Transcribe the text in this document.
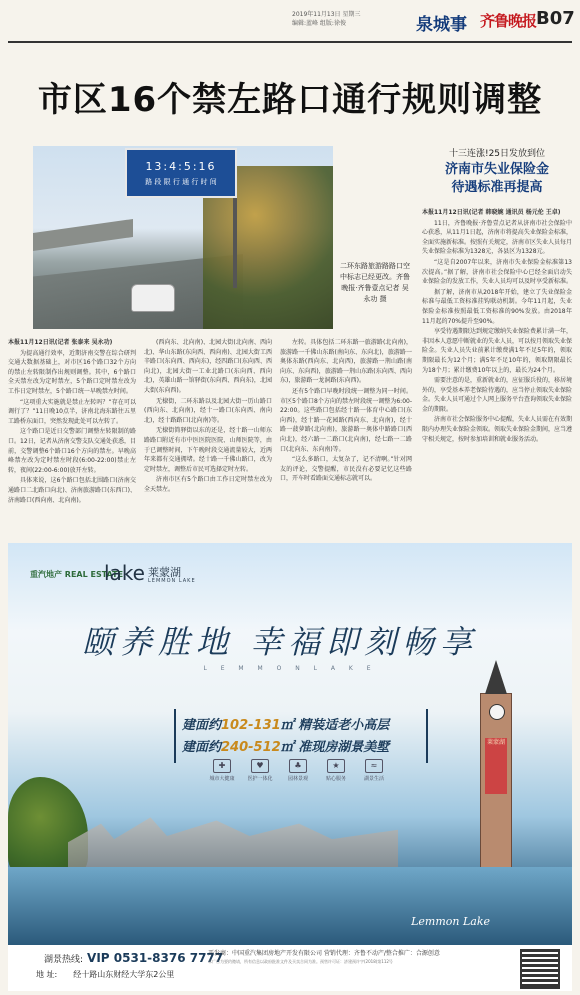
2019年11月13日 星期三
编辑:蓝峰 组版:徐俊	泉城事 齐鲁晚报 B07
市区16个禁左路口通行规则调整
13:4:5:16
路 段 限 行 通 行 时 间
二环东路旅游路路口空中标志已经更改。齐鲁晚报·齐鲁壹点记者 吴永功 摄
十三连涨!25日发放到位
济南市失业保险金
待遇标准再提高

本报11月12日讯(记者 张泰来 吴永功)

为提高通行效率，近期济南交警在综合研判交通大数据基础上，对市区16个路口32个方向的禁止左转限制作出规则调整。其中，6个路口全天禁左改为定时禁左，5个路口定时禁左改为工作日定时禁左，5个路口统一早晚禁左时间。

“这项重大实施就是禁止左转吗？”存在可以调行了？”11日晚10点半，济南北海东路往五里工路桥东面口，突然发现此处可以左转了。

这个路口是近日交警部门调整左转限制的路口。12日，记者从济南交警支队交通处获悉，目前，交警调整6个路口16个方向的禁左。早晚高峰禁左改为定时禁左时段(6:00-22:00)禁止左转，夜间(22:00-6:00)放开左转。

具体来说，这6个路口包括北围路口(济南交通路口二北路口向北)、济南旅游路口(东西口)、济南路口(西向南、北向南)。

(西向东、北向南)、北园大街(北向南、西向北)、华山东路(东向西、西向南)、北园大街工西辛路口(东向西、西向东)，经四路口(东向西、西向北)，北园大街一工业北路口(东向西、西向北)，英雄山路一馆驿街(东向西、西向东)，北园大街(东向西)。

无棣街，二环东路以及北园大街一历山路口(西向东、北向南)，经十一路口(东向西、南向北)，经十路路口(北向南)等。

无棣街简驿街以东的还是，经十路一山师东路路口附近有市中医医院医院、山师医院等，由于已调整时间，下午晚时段交通流量较大，近两年来都有交通拥堵。经十路一千佛山路口，改为定时禁左，调整后市民可选择定时左转。

济南市区有5个路口由工作日定时禁左改为全天禁左。

左转。具体包括二环东路一旅游路(北向南)，旅游路一千佛山东路(南向东、东向北)，旅游路一奥体东路(西向东、北向西)，旅游路一荆山路(南向东、东向西)，旅游路一荆山东路(东向西、西向东)，旅游路一龙洞路(东向西)。

还有5个路口早晚时段统一调整为同一时间。市区5个路口8个方向的禁左时段统一调整为6:00-22:00。这些路口包括经十路一体育中心路口(东向西)，经十路一花园路(西向东、北向南)，经十路一菠萝路(北向南)，旅游路一奥体中路路口(西向北)，经六路一二路口(北向南)，经七路一二路口(北向东、东向南)等。

“这么多路口，太复杂了，记不清啊。”针对网友的评论，交警提醒，市民没有必要记忆这些路口，开车时看路面交通标志就可以。

本报11月12日讯(记者 韩晓婉 通讯员 杨元伦 王卓)

11日，齐鲁晚报·齐鲁壹点记者从济南市社会保险中心获悉，从11月1日起，济南市将提高失业保险金标准，全面实施新标准。按照有关规定，济南市区失业人员每月失业保险金标准为1328元，各县区为1328元。

“这是自2007年以来，济南市失业保险金标准第13次提高。”据了解，济南市社会保险中心已经全面启动失业保险金的发放工作，失业人员均可以及时享受新标准。

据了解，济南市从2018年开始，建立了失业保险金标准与最低工资标准挂钩联动机制。今年11月起，失业保险金标准按照最低工资标准的90%发放。由2018年11月起的70%提升至90%。

享受待遇期限达到规定缴纳失业保险费累计满一年，非因本人意愿中断就业的失业人员，可以按月领取失业保险金。失业人员失业前累计缴费满1年不足5年的，领取期限最长为12个月；满5年不足10年的，领取期限最长为18个月；累计缴费10年以上的，最长为24个月。

需要注意的是，重新就业的，应征服兵役的，移居境外的，享受基本养老保险待遇的，应当停止领取失业保险金。失业人员可通过个人网上服务平台查询领取失业保险金的期限。

济南市社会保险服务中心提醒，失业人员需在有效期限内办理失业保险金领取。领取失业保险金期间，应当遵守相关规定，按时参加培训和就业服务活动。

重汽地产 REAL ESTATE
lake 莱蒙湖
LEMMON LAKE
颐养胜地 幸福即刻畅享
L E M M O N L A K E
建面约102-131㎡ 精装适老小高层
建面约240-512㎡ 准现房湖景美墅
✚
城市大健康
♥
医护一体化
♣
园林景观
★
贴心服务
≈
湖景生活
莱蒙湖
Lemmon Lake
湖景热线: VIP 0531-8376 7777
地 址: 经十路山东财经大学东2公里
开发商：中国重汽集团房地产开发有限公司 营销代理：齐鲁不动产/整合推广：合源创意
本广告为要约邀请，所有信息以政府批准文件及买卖合同为准。预售许可证：济建预许字(2018)第112号
